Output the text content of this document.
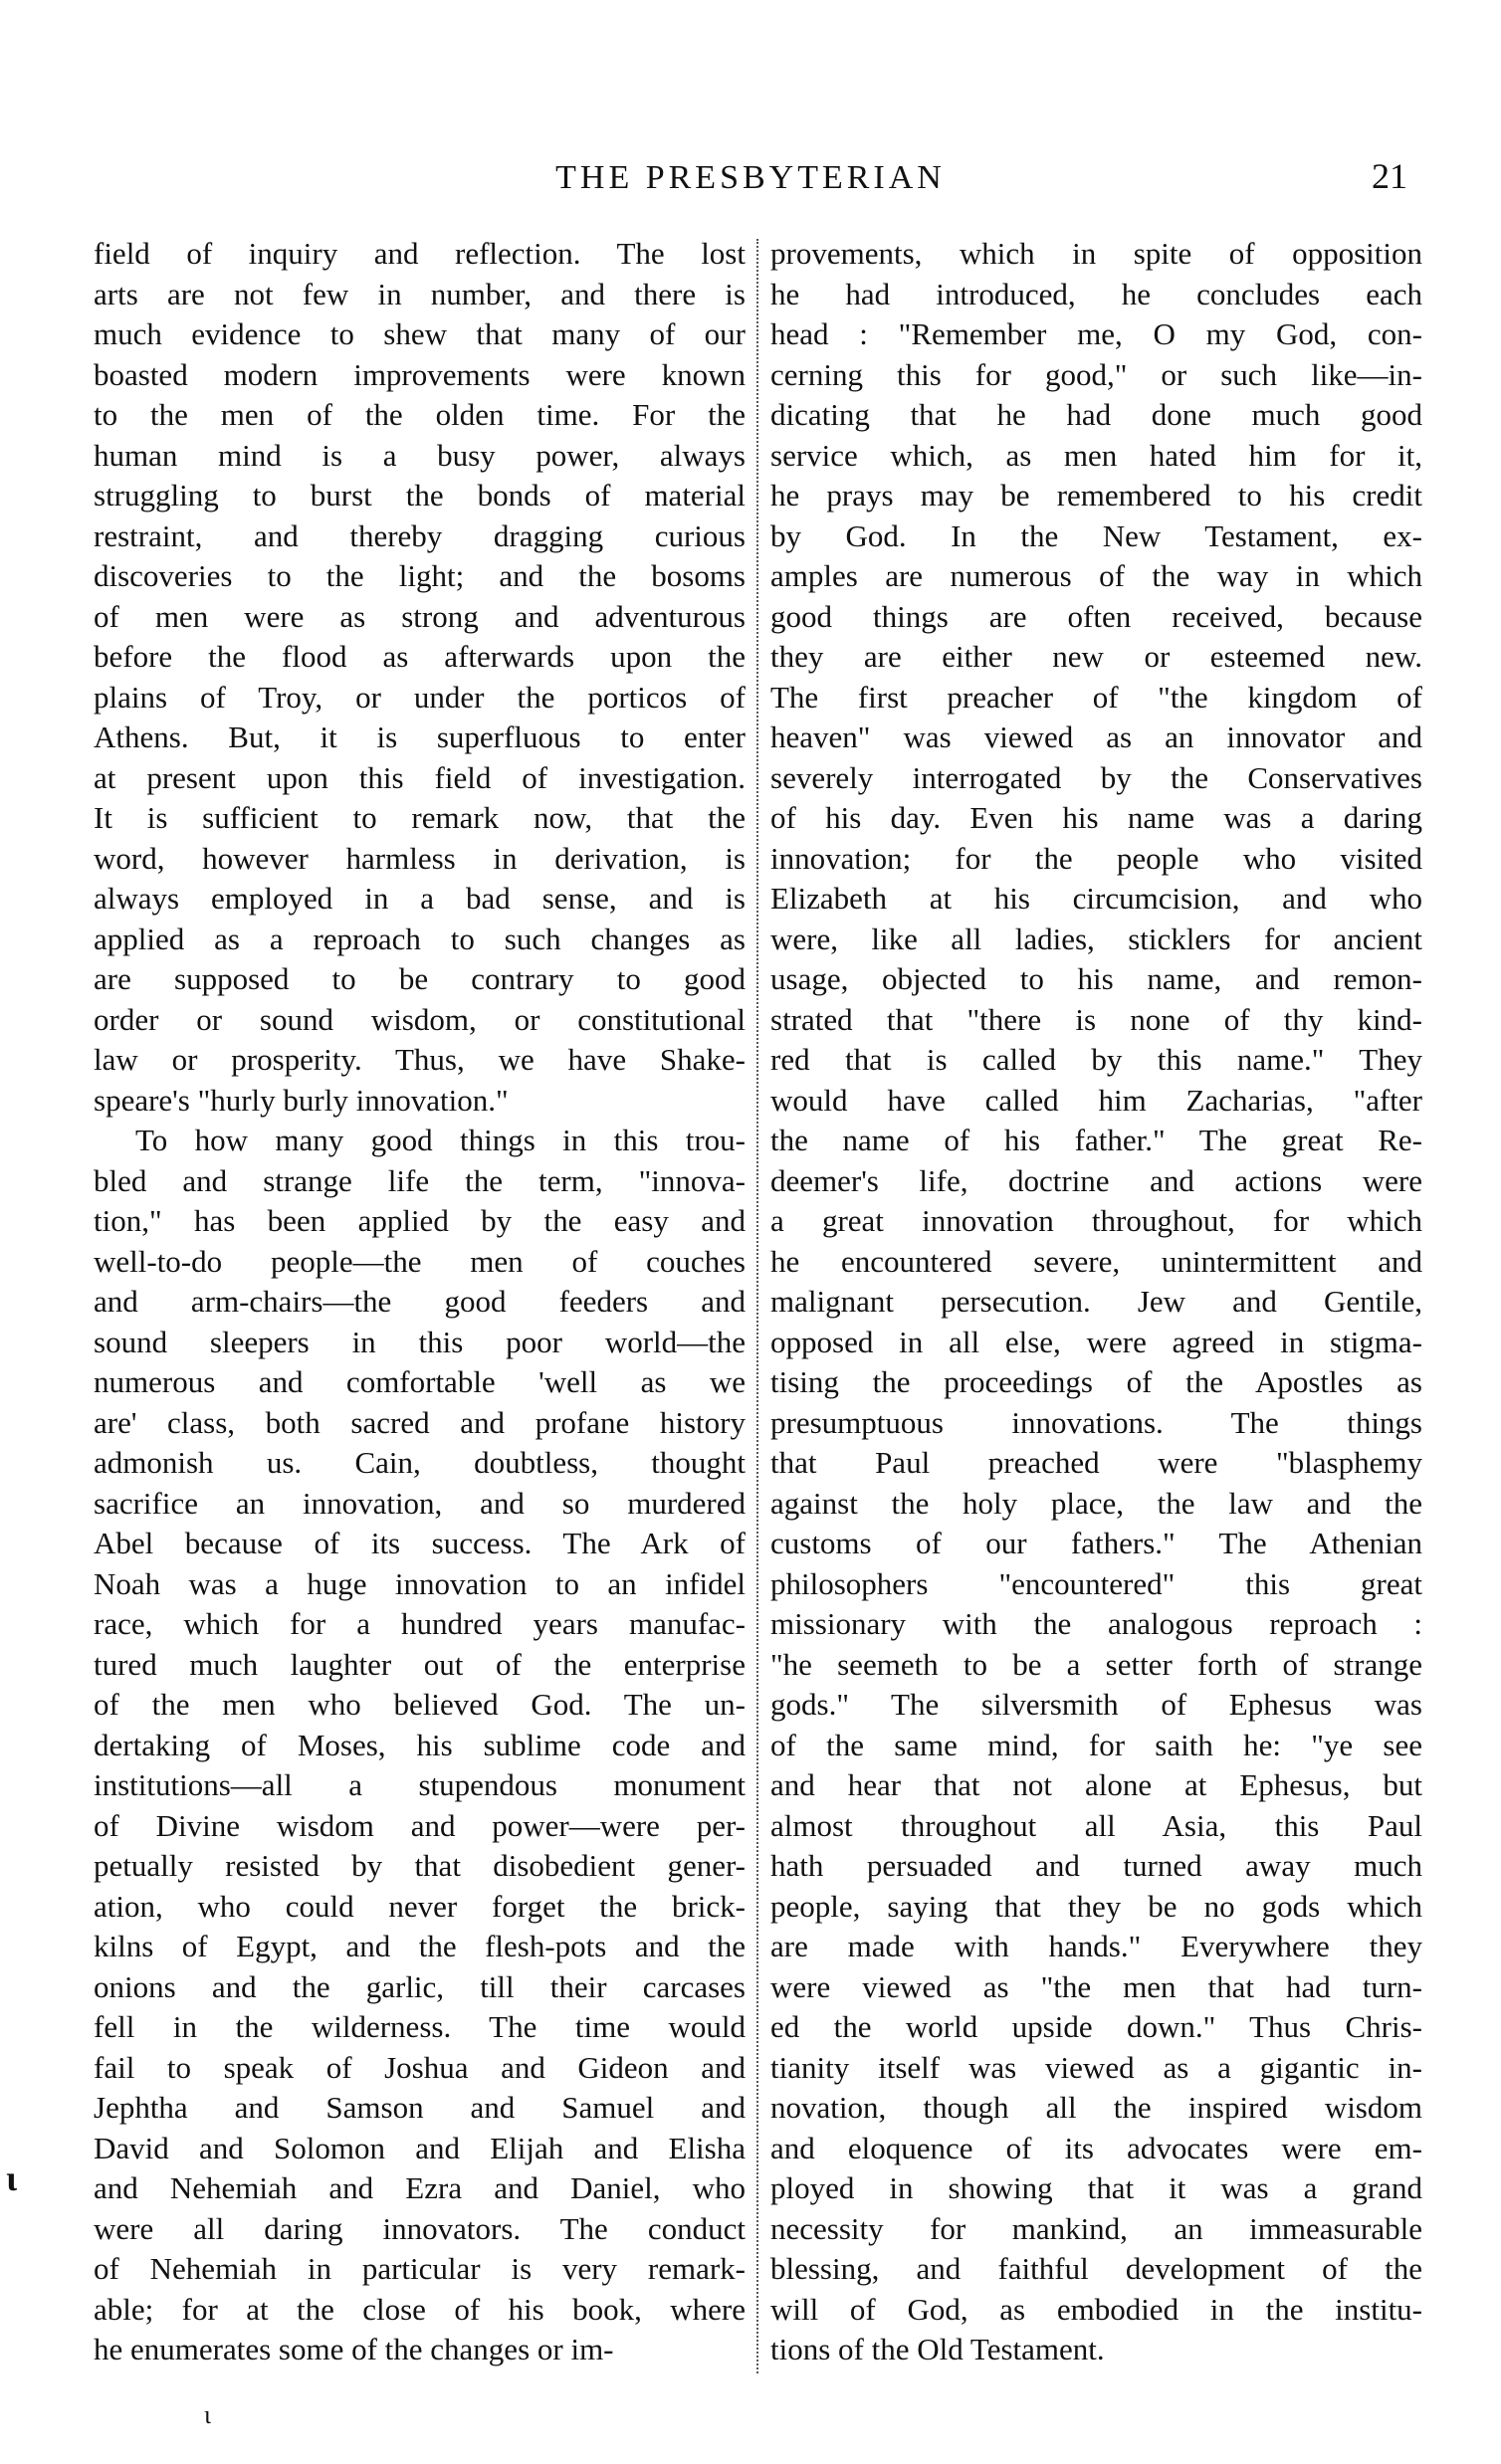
THE PRESBYTERIAN	21
field of inquiry and reflection. The lost
arts are not few in number, and there is
much evidence to shew that many of our
boasted modern improvements were known
to the men of the olden time. For the
human mind is a busy power, always
struggling to burst the bonds of material
restraint, and thereby dragging curious
discoveries to the light; and the bosoms
of men were as strong and adventurous
before the flood as afterwards upon the
plains of Troy, or under the porticos of
Athens. But, it is superfluous to enter
at present upon this field of investigation.
It is sufficient to remark now, that the
word, however harmless in derivation, is
always employed in a bad sense, and is
applied as a reproach to such changes as
are supposed to be contrary to good
order or sound wisdom, or constitutional
law or prosperity. Thus, we have Shake-
speare's "hurly burly innovation."
To how many good things in this trou-
bled and strange life the term, "innova-
tion," has been applied by the easy and
well-to-do people—the men of couches
and arm-chairs—the good feeders and
sound sleepers in this poor world—the
numerous and comfortable 'well as we
are' class, both sacred and profane history
admonish us. Cain, doubtless, thought
sacrifice an innovation, and so murdered
Abel because of its success. The Ark of
Noah was a huge innovation to an infidel
race, which for a hundred years manufac-
tured much laughter out of the enterprise
of the men who believed God. The un-
dertaking of Moses, his sublime code and
institutions—all a stupendous monument
of Divine wisdom and power—were per-
petually resisted by that disobedient gener-
ation, who could never forget the brick-
kilns of Egypt, and the flesh-pots and the
onions and the garlic, till their carcases
fell in the wilderness. The time would
fail to speak of Joshua and Gideon and
Jephtha and Samson and Samuel and
David and Solomon and Elijah and Elisha
and Nehemiah and Ezra and Daniel, who
were all daring innovators. The conduct
of Nehemiah in particular is very remark-
able; for at the close of his book, where
he enumerates some of the changes or im-
provements, which in spite of opposition
he had introduced, he concludes each
head : "Remember me, O my God, con-
cerning this for good," or such like—in-
dicating that he had done much good
service which, as men hated him for it,
he prays may be remembered to his credit
by God. In the New Testament, ex-
amples are numerous of the way in which
good things are often received, because
they are either new or esteemed new.
The first preacher of "the kingdom of
heaven" was viewed as an innovator and
severely interrogated by the Conservatives
of his day. Even his name was a daring
innovation; for the people who visited
Elizabeth at his circumcision, and who
were, like all ladies, sticklers for ancient
usage, objected to his name, and remon-
strated that "there is none of thy kind-
red that is called by this name." They
would have called him Zacharias, "after
the name of his father." The great Re-
deemer's life, doctrine and actions were
a great innovation throughout, for which
he encountered severe, unintermittent and
malignant persecution. Jew and Gentile,
opposed in all else, were agreed in stigma-
tising the proceedings of the Apostles as
presumptuous innovations. The things
that Paul preached were "blasphemy
against the holy place, the law and the
customs of our fathers." The Athenian
philosophers "encountered" this great
missionary with the analogous reproach :
"he seemeth to be a setter forth of strange
gods." The silversmith of Ephesus was
of the same mind, for saith he: "ye see
and hear that not alone at Ephesus, but
almost throughout all Asia, this Paul
hath persuaded and turned away much
people, saying that they be no gods which
are made with hands." Everywhere they
were viewed as "the men that had turn-
ed the world upside down." Thus Chris-
tianity itself was viewed as a gigantic in-
novation, though all the inspired wisdom
and eloquence of its advocates were em-
ployed in showing that it was a grand
necessity for mankind, an immeasurable
blessing, and faithful development of the
will of God, as embodied in the institu-
tions of the Old Testament.
ɩ
ɩ
